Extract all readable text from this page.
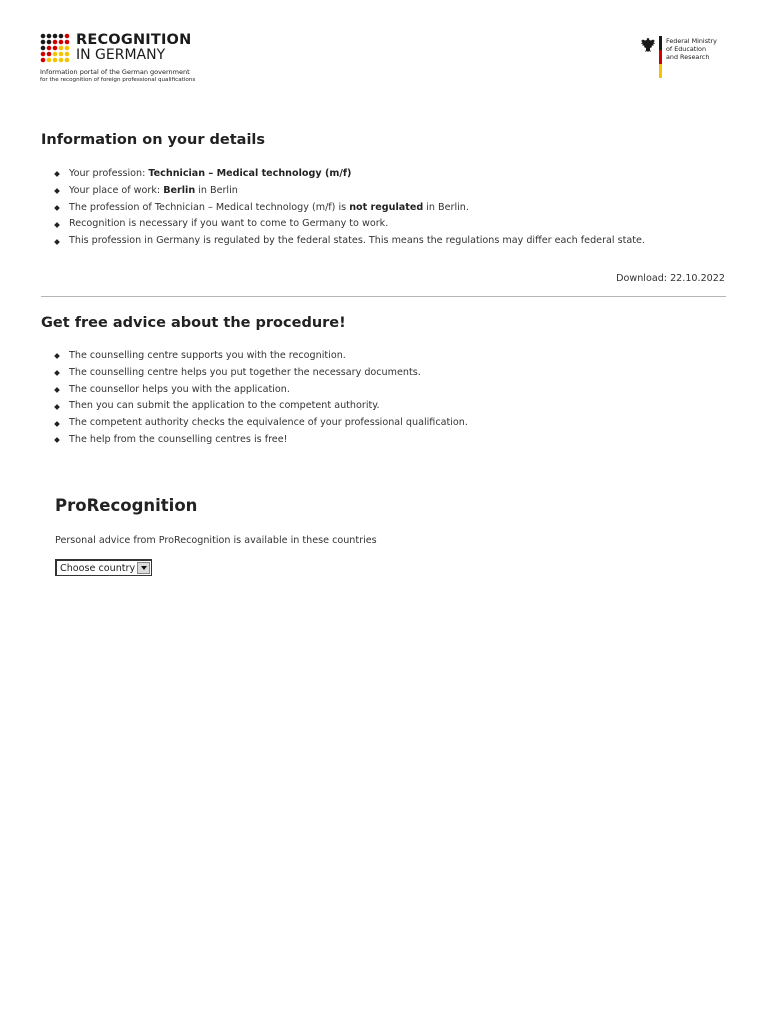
RECOGNITION
IN GERMANY
Information portal of the German government
for the recognition of foreign professional qualifications
Federal Ministry
of Education
and Research
Information on your details
Your profession: Technician – Medical technology (m/f)
Your place of work: Berlin in Berlin
The profession of Technician – Medical technology (m/f) is not regulated in Berlin.
Recognition is necessary if you want to come to Germany to work.
This profession in Germany is regulated by the federal states. This means the regulations may differ each federal state.
Download: 22.10.2022
Get free advice about the procedure!
The counselling centre supports you with the recognition.
The counselling centre helps you put together the necessary documents.
The counsellor helps you with the application.
Then you can submit the application to the competent authority.
The competent authority checks the equivalence of your professional qualification.
The help from the counselling centres is free!
ProRecognition
Personal advice from ProRecognition is available in these countries
Choose country
